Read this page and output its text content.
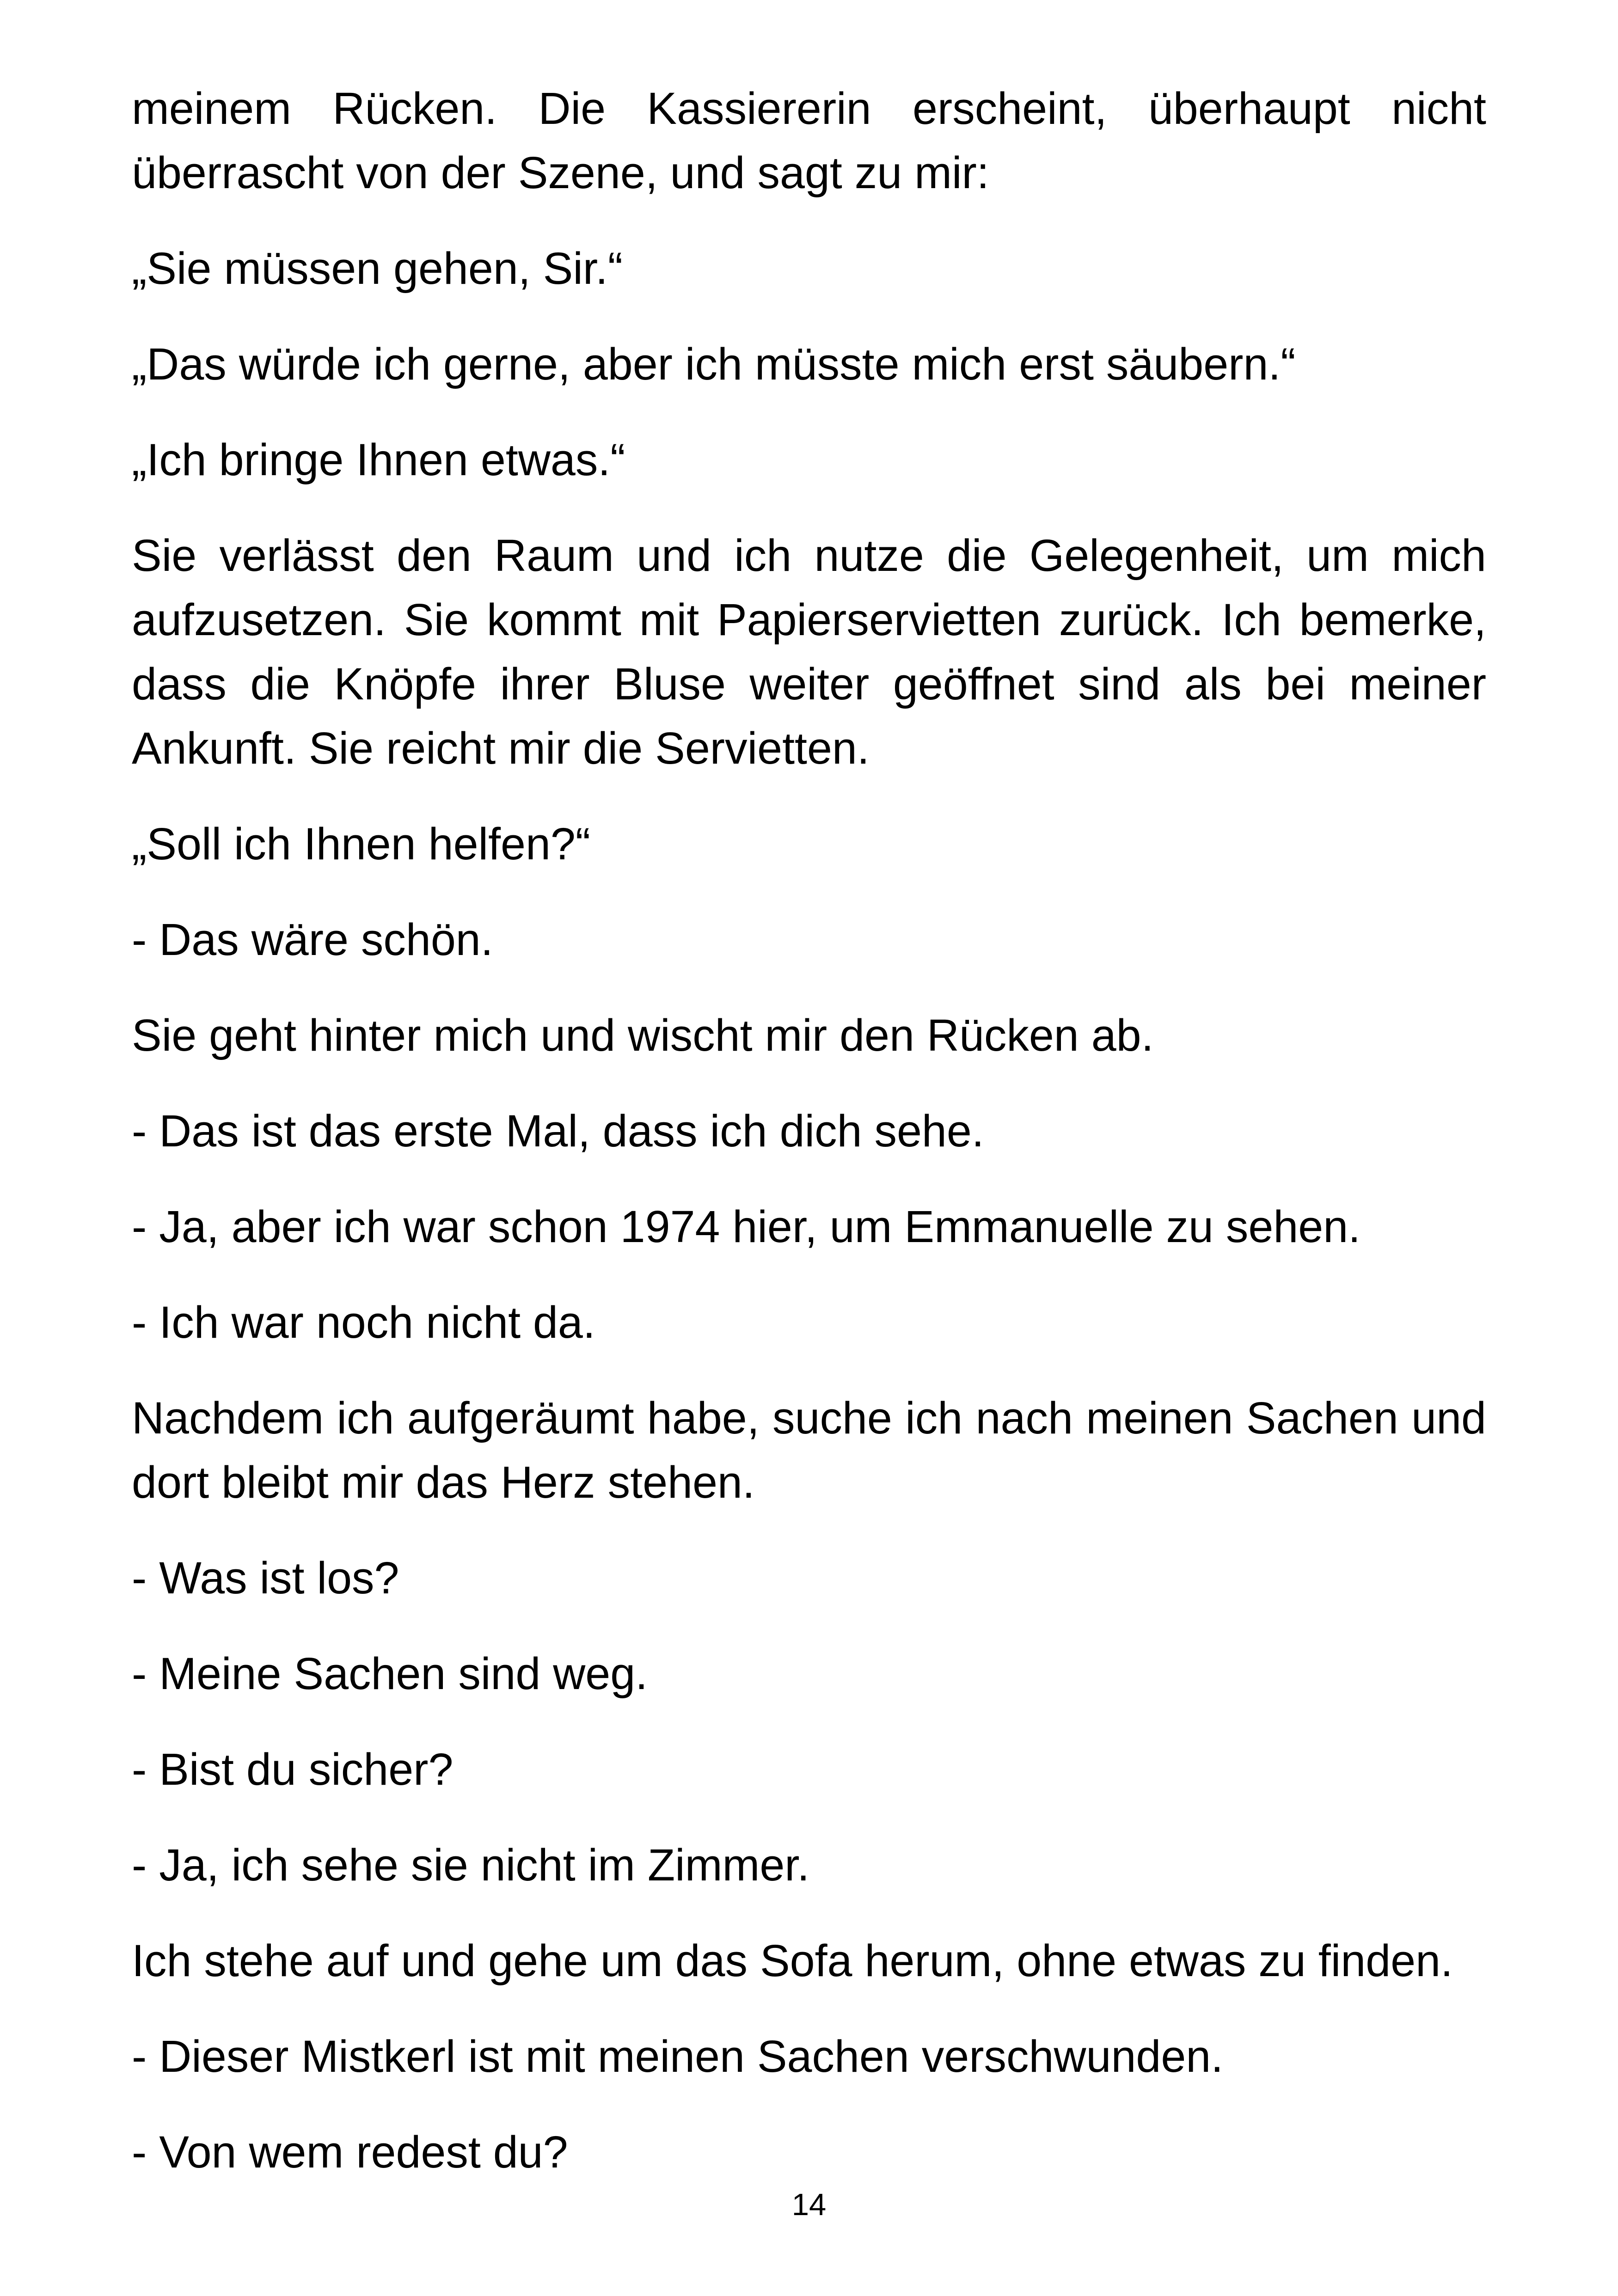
meinem Rücken. Die Kassiererin erscheint, überhaupt nicht überrascht von der Szene, und sagt zu mir:

„Sie müssen gehen, Sir.“

„Das würde ich gerne, aber ich müsste mich erst säubern.“

„Ich bringe Ihnen etwas.“

Sie verlässt den Raum und ich nutze die Gelegenheit, um mich aufzusetzen. Sie kommt mit Papierservietten zurück. Ich bemerke, dass die Knöpfe ihrer Bluse weiter geöffnet sind als bei meiner Ankunft. Sie reicht mir die Servietten.

„Soll ich Ihnen helfen?“

- Das wäre schön.

Sie geht hinter mich und wischt mir den Rücken ab.

- Das ist das erste Mal, dass ich dich sehe.

- Ja, aber ich war schon 1974 hier, um Emmanuelle zu sehen.

- Ich war noch nicht da.

Nachdem ich aufgeräumt habe, suche ich nach meinen Sachen und dort bleibt mir das Herz stehen.

- Was ist los?

- Meine Sachen sind weg.

- Bist du sicher?

- Ja, ich sehe sie nicht im Zimmer.

Ich stehe auf und gehe um das Sofa herum, ohne etwas zu finden.

- Dieser Mistkerl ist mit meinen Sachen verschwunden.

- Von wem redest du?

14
